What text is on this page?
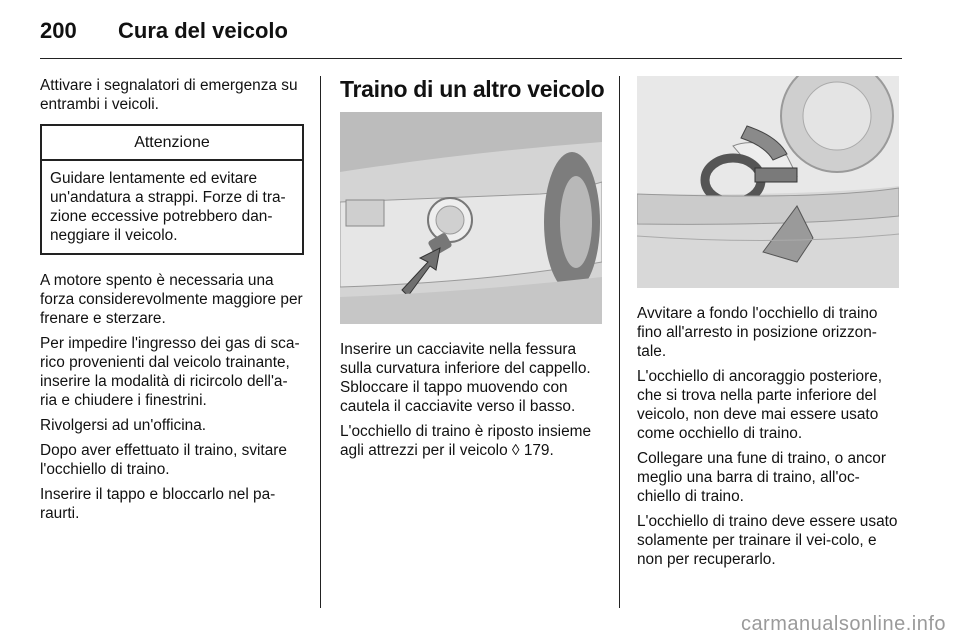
200 Cura del veicolo

Attivare i segnalatori di emergenza su entrambi i veicoli.

Attenzione
Guidare lentamente ed evitare un'andatura a strappi. Forze di tra-zione eccessive potrebbero dan-neggiare il veicolo.

A motore spento è necessaria una forza considerevolmente maggiore per frenare e sterzare.

Per impedire l'ingresso dei gas di sca-rico provenienti dal veicolo trainante, inserire la modalità di ricircolo dell'a-ria e chiudere i finestrini.

Rivolgersi ad un'officina.

Dopo aver effettuato il traino, svitare l'occhiello di traino.

Inserire il tappo e bloccarlo nel pa-raurti.

Traino di un altro veicolo

Inserire un cacciavite nella fessura sulla curvatura inferiore del cappello. Sbloccare il tappo muovendo con cautela il cacciavite verso il basso.

L'occhiello di traino è riposto insieme agli attrezzi per il veicolo ◊ 179.

Avvitare a fondo l'occhiello di traino fino all'arresto in posizione orizzon-tale.

L'occhiello di ancoraggio posteriore, che si trova nella parte inferiore del veicolo, non deve mai essere usato come occhiello di traino.

Collegare una fune di traino, o ancor meglio una barra di traino, all'oc-chiello di traino.

L'occhiello di traino deve essere usato solamente per trainare il vei-colo, e non per recuperarlo.

carmanualsonline.info
